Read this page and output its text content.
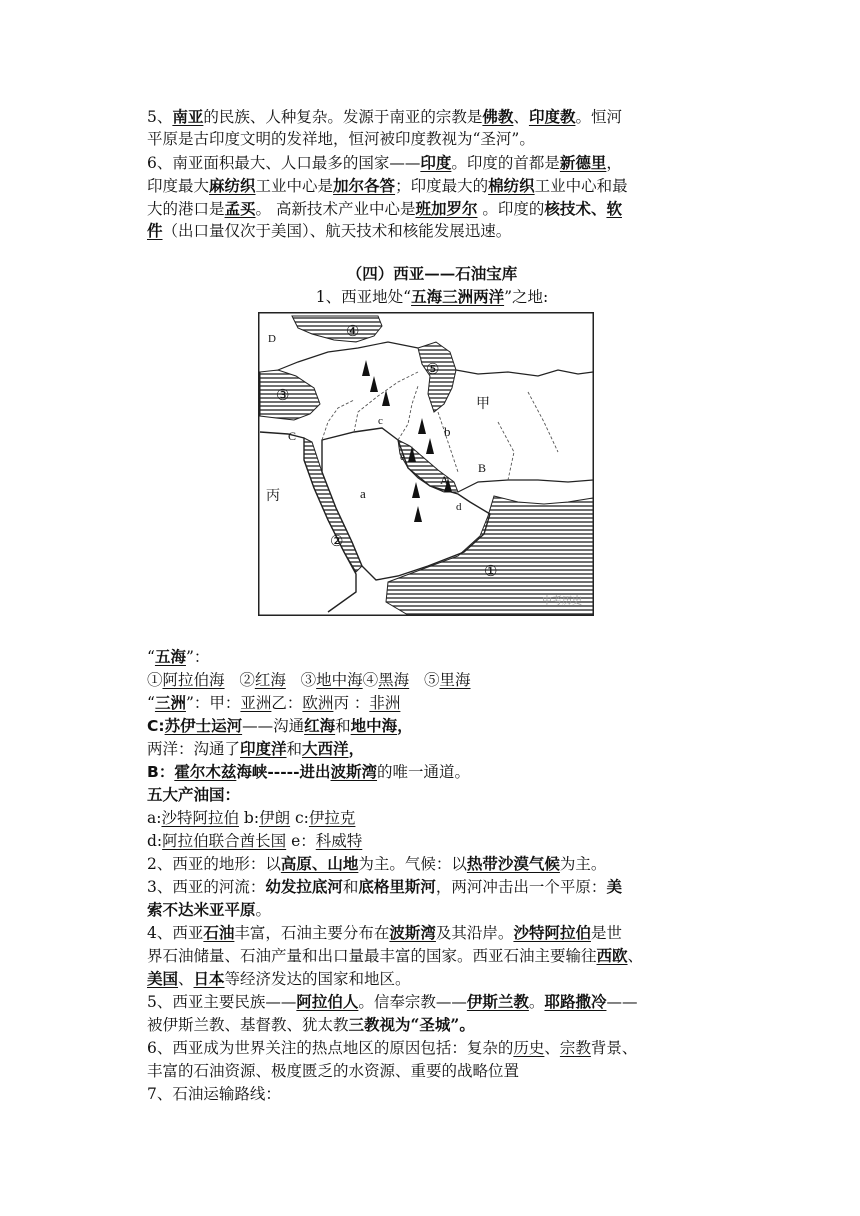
5、南亚的民族、人种复杂。发源于南亚的宗教是佛教、印度教。恒河
平原是古印度文明的发祥地，恒河被印度教视为“圣河”。
6、南亚面积最大、人口最多的国家——印度。印度的首都是新德里，
印度最大麻纺织工业中心是加尔各答；印度最大的棉纺织工业中心和最
大的港口是孟买。 高新技术产业中心是班加罗尔 。印度的核技术、软
件（出口量仅次于美国）、航天技术和核能发展迅速。
（四）西亚——石油宝库
1、西亚地处“五海三洲两洋”之地:
④
⑤
③
②
①
甲
丙	a
b
c
d
e
A
B
C
D
中考历史
“五海”：
①阿拉伯海 ②红海 ③地中海④黑海 ⑤里海
“三洲”：甲：亚洲乙：欧洲丙 ：非洲
C:苏伊士运河——沟通红海和地中海，
两洋：沟通了印度洋和大西洋，
B：霍尔木兹海峡-----进出波斯湾的唯一通道。
五大产油国：
a:沙特阿拉伯 b:伊朗 c:伊拉克
d:阿拉伯联合酋长国 e：科威特
2、西亚的地形：以高原、山地为主。气候：以热带沙漠气候为主。
3、西亚的河流：幼发拉底河和底格里斯河，两河冲击出一个平原：美
索不达米亚平原。
4、西亚石油丰富，石油主要分布在波斯湾及其沿岸。沙特阿拉伯是世
界石油储量、石油产量和出口量最丰富的国家。西亚石油主要输往西欧、
美国、日本等经济发达的国家和地区。
5、西亚主要民族——阿拉伯人。信奉宗教——伊斯兰教。耶路撒冷——
被伊斯兰教、基督教、犹太教三教视为“圣城”。
6、西亚成为世界关注的热点地区的原因包括：复杂的历史、宗教背景、
丰富的石油资源、极度匮乏的水资源、重要的战略位置
7、石油运输路线：
